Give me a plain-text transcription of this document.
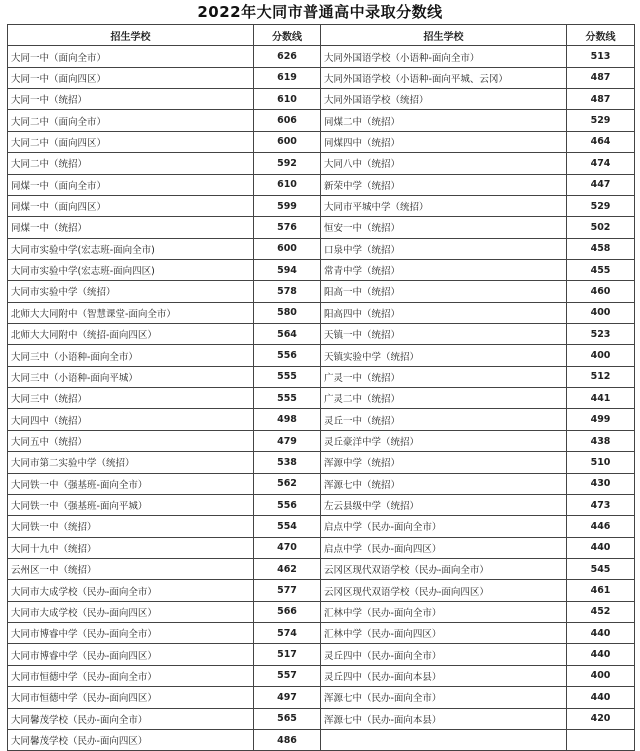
2022年大同市普通高中录取分数线
招生学校	分数线	招生学校	分数线
大同一中（面向全市）	626	大同外国语学校（小语种-面向全市）	513
大同一中（面向四区）	619	大同外国语学校（小语种-面向平城、云冈）	487
大同一中（统招）	610	大同外国语学校（统招）	487
大同二中（面向全市）	606	同煤二中（统招）	529
大同二中（面向四区）	600	同煤四中（统招）	464
大同二中（统招）	592	大同八中（统招）	474
同煤一中（面向全市）	610	新荣中学（统招）	447
同煤一中（面向四区）	599	大同市平城中学（统招）	529
同煤一中（统招）	576	恒安一中（统招）	502
大同市实验中学(宏志班-面向全市)	600	口泉中学（统招）	458
大同市实验中学(宏志班-面向四区)	594	常青中学（统招）	455
大同市实验中学（统招）	578	阳高一中（统招）	460
北师大大同附中（智慧课堂-面向全市）	580	阳高四中（统招）	400
北师大大同附中（统招-面向四区）	564	天镇一中（统招）	523
大同三中（小语种-面向全市）	556	天镇实验中学（统招）	400
大同三中（小语种-面向平城）	555	广灵一中（统招）	512
大同三中（统招）	555	广灵二中（统招）	441
大同四中（统招）	498	灵丘一中（统招）	499
大同五中（统招）	479	灵丘豪洋中学（统招）	438
大同市第二实验中学（统招）	538	浑源中学（统招）	510
大同铁一中（强基班-面向全市）	562	浑源七中（统招）	430
大同铁一中（强基班-面向平城）	556	左云县级中学（统招）	473
大同铁一中（统招）	554	启点中学（民办-面向全市）	446
大同十九中（统招）	470	启点中学（民办-面向四区）	440
云州区一中（统招）	462	云冈区现代双语学校（民办-面向全市）	545
大同市大成学校（民办-面向全市）	577	云冈区现代双语学校（民办-面向四区）	461
大同市大成学校（民办-面向四区）	566	汇林中学（民办-面向全市）	452
大同市博睿中学（民办-面向全市）	574	汇林中学（民办-面向四区）	440
大同市博睿中学（民办-面向四区）	517	灵丘四中（民办-面向全市）	440
大同市恒德中学（民办-面向全市）	557	灵丘四中（民办-面向本县）	400
大同市恒德中学（民办-面向四区）	497	浑源七中（民办-面向全市）	440
大同馨茂学校（民办-面向全市）	565	浑源七中（民办-面向本县）	420
大同馨茂学校（民办-面向四区）	486		
